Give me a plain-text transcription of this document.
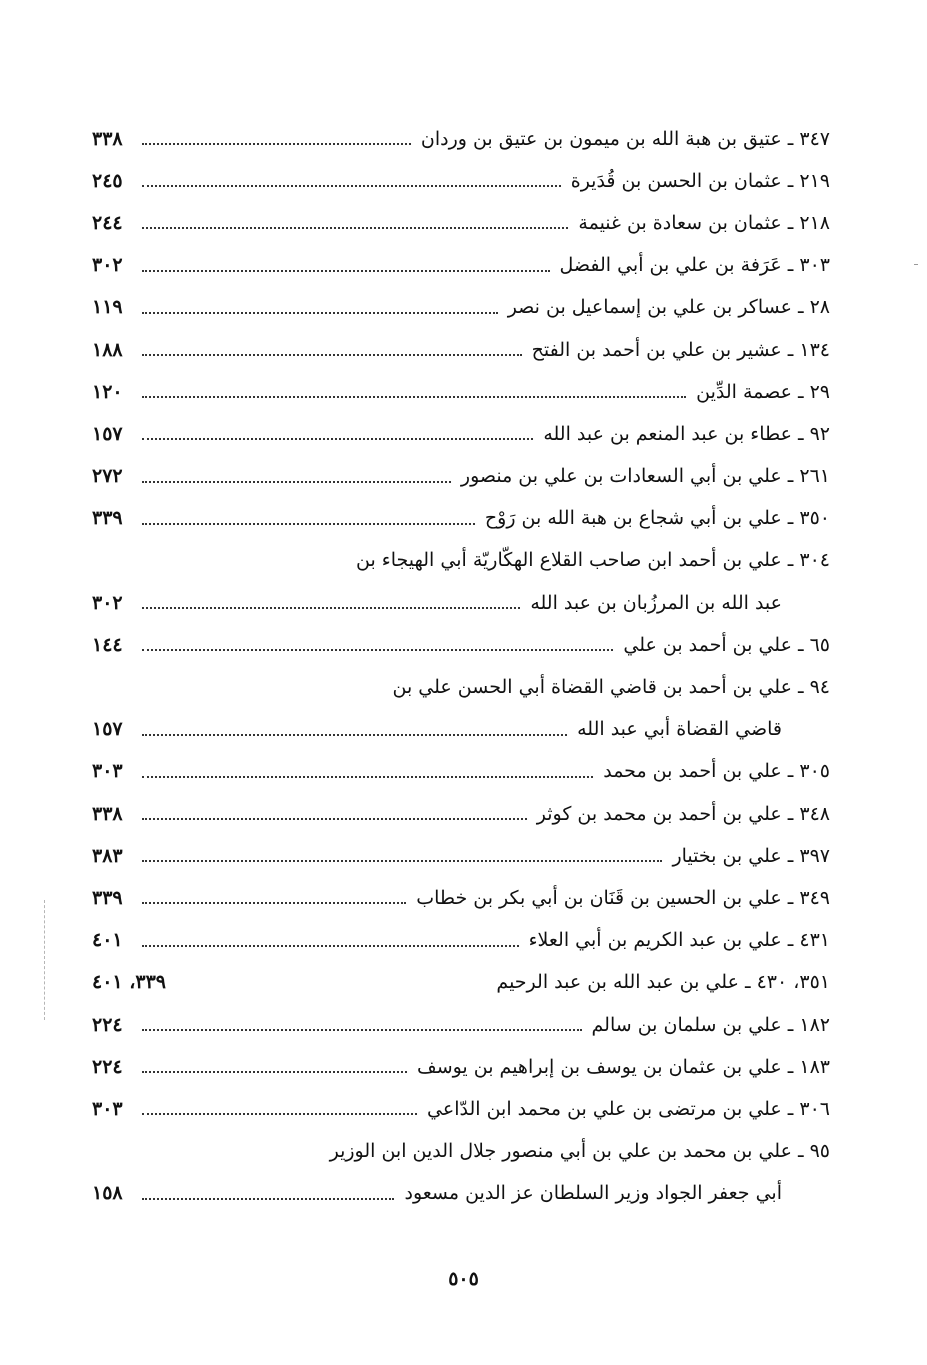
٣٤٧ ـ عتيق بن هبة الله بن ميمون بن عتيق بن وردان
٣٣٨
٢١٩ ـ عثمان بن الحسن بن قُدَيرة
٢٤٥
٢١٨ ـ عثمان بن سعادة بن غنيمة
٢٤٤
٣٠٣ ـ عَرَفة بن علي بن أبي الفضل
٣٠٢
٢٨ ـ عساكر بن علي بن إسماعيل بن نصر
١١٩
١٣٤ ـ عشير بن علي بن أحمد بن الفتح
١٨٨
٢٩ ـ عصمة الدِّين
١٢٠
٩٢ ـ عطاء بن عبد المنعم بن عبد الله
١٥٧
٢٦١ ـ علي بن أبي السعادات بن علي بن منصور
٢٧٢
٣٥٠ ـ علي بن أبي شجاع بن هبة الله بن رَوْح
٣٣٩
٣٠٤ ـ علي بن أحمد ابن صاحب القلاع الهكّاريّة أبي الهيجاء بن
عبد الله بن المرزُبان بن عبد الله
٣٠٢
٦٥ ـ علي بن أحمد بن علي
١٤٤
٩٤ ـ علي بن أحمد بن قاضي القضاة أبي الحسن علي بن
قاضي القضاة أبي عبد الله
١٥٧
٣٠٥ ـ علي بن أحمد بن محمد
٣٠٣
٣٤٨ ـ علي بن أحمد بن محمد بن كوثر
٣٣٨
٣٩٧ ـ علي بن بختيار
٣٨٣
٣٤٩ ـ علي بن الحسين بن قَنَان بن أبي بكر بن خطاب
٣٣٩
٤٣١ ـ علي بن عبد الكريم بن أبي العلاء
٤٠١
٣٥١، ٤٣٠ ـ علي بن عبد الله بن عبد الرحيم
٣٣٩، ٤٠١
١٨٢ ـ علي بن سلمان بن سالم
٢٢٤
١٨٣ ـ علي بن عثمان بن يوسف بن إبراهيم بن يوسف
٢٢٤
٣٠٦ ـ علي بن مرتضى بن علي بن محمد ابن الدّاعي
٣٠٣
٩٥ ـ علي بن محمد بن علي بن أبي منصور جلال الدين ابن الوزير
أبي جعفر الجواد وزير السلطان عز الدين مسعود
١٥٨
٥٠٥
